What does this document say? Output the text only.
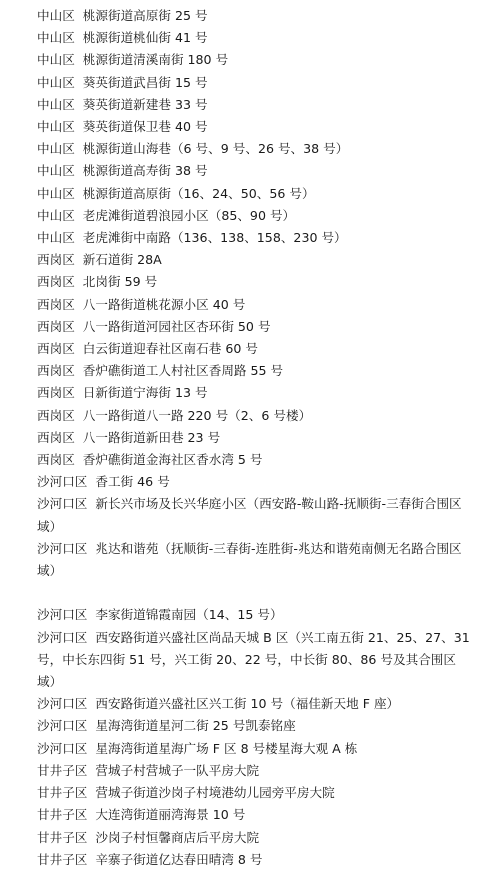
中山区 桃源街道高原街 25 号
中山区 桃源街道桃仙街 41 号
中山区 桃源街道清溪南街 180 号
中山区 葵英街道武昌街 15 号
中山区 葵英街道新建巷 33 号
中山区 葵英街道保卫巷 40 号
中山区 桃源街道山海巷（6 号、9 号、26 号、38 号）
中山区 桃源街道高寿街 38 号
中山区 桃源街道高原街（16、24、50、56 号）
中山区 老虎滩街道碧浪园小区（85、90 号）
中山区 老虎滩街中南路（136、138、158、230 号）
西岗区 新石道街 28A
西岗区 北岗街 59 号
西岗区 八一路街道桃花源小区 40 号
西岗区 八一路街道河园社区杏环街 50 号
西岗区 白云街道迎春社区南石巷 60 号
西岗区 香炉礁街道工人村社区香周路 55 号
西岗区 日新街道宁海街 13 号
西岗区 八一路街道八一路 220 号（2、6 号楼）
西岗区 八一路街道新田巷 23 号
西岗区 香炉礁街道金海社区香水湾 5 号
沙河口区 香工街 46 号
沙河口区 新长兴市场及长兴华庭小区（西安路-鞍山路-抚顺街-三春街合围区域）
沙河口区 兆达和谐苑（抚顺街-三春街-连胜街-兆达和谐苑南侧无名路合围区域）
沙河口区 李家街道锦霞南园（14、15 号）
沙河口区 西安路街道兴盛社区尚品天城 B 区（兴工南五街 21、25、27、31 号，中长东四街 51 号，兴工街 20、22 号，中长街 80、86 号及其合围区域）
沙河口区 西安路街道兴盛社区兴工街 10 号（福佳新天地 F 座）
沙河口区 星海湾街道星河二街 25 号凯泰铭座
沙河口区 星海湾街道星海广场 F 区 8 号楼星海大观 A 栋
甘井子区 营城子村营城子一队平房大院
甘井子区 营城子街道沙岗子村境港幼儿园旁平房大院
甘井子区 大连湾街道丽湾海景 10 号
甘井子区 沙岗子村恒馨商店后平房大院
甘井子区 辛寨子街道亿达春田晴湾 8 号
